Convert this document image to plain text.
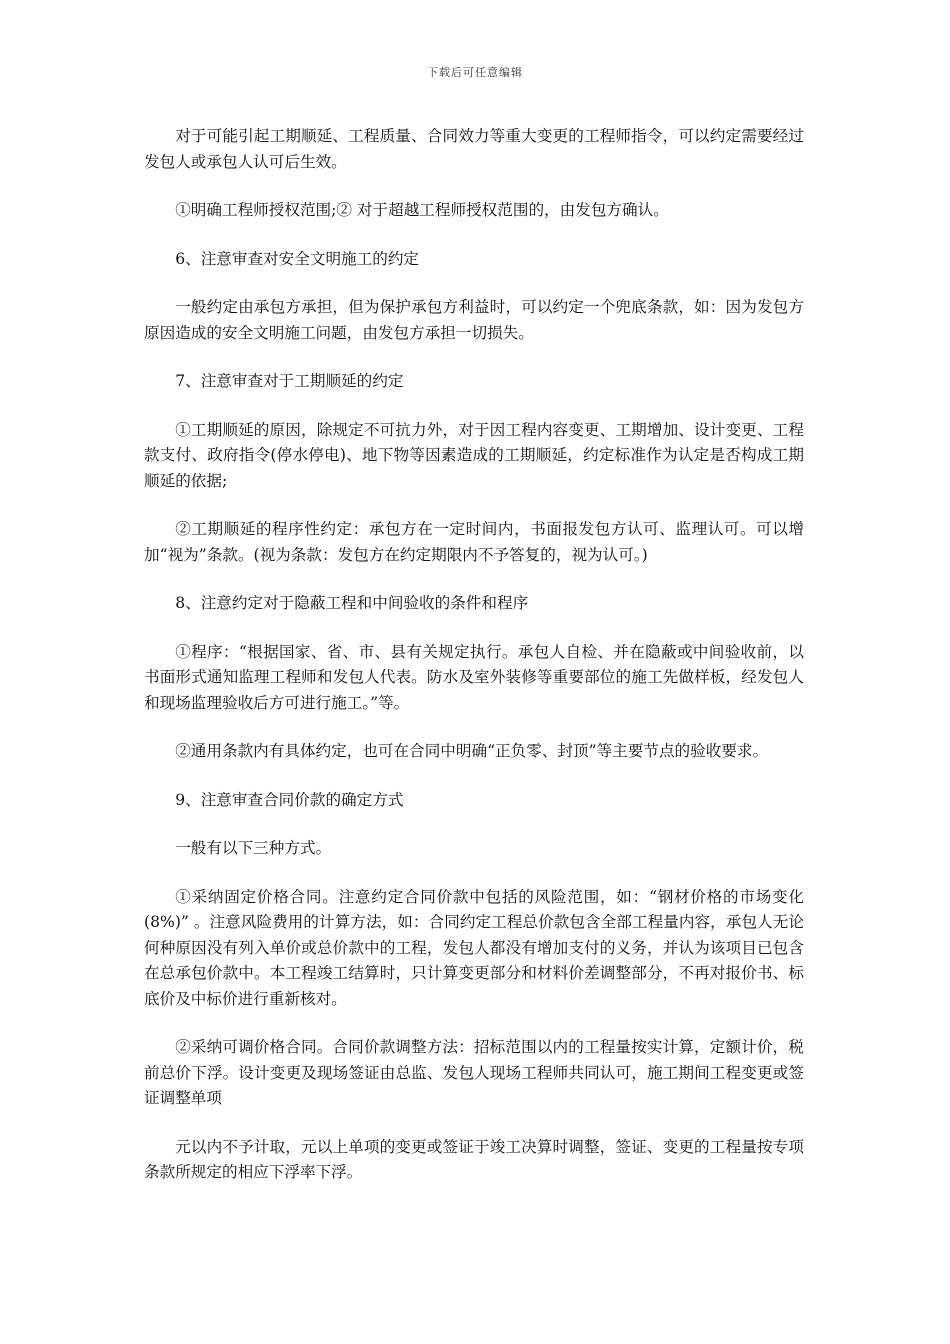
下载后可任意编辑

对于可能引起工期顺延、工程质量、合同效力等重大变更的工程师指令，可以约定需要经过发包人或承包人认可后生效。

①明确工程师授权范围;② 对于超越工程师授权范围的，由发包方确认。

6、注意审查对安全文明施工的约定

一般约定由承包方承担，但为保护承包方利益时，可以约定一个兜底条款，如：因为发包方原因造成的安全文明施工问题，由发包方承担一切损失。

7、注意审查对于工期顺延的约定

①工期顺延的原因，除规定不可抗力外，对于因工程内容变更、工期增加、设计变更、工程款支付、政府指令(停水停电)、地下物等因素造成的工期顺延，约定标准作为认定是否构成工期顺延的依据;

②工期顺延的程序性约定：承包方在一定时间内，书面报发包方认可、监理认可。可以增加“视为”条款。(视为条款：发包方在约定期限内不予答复的，视为认可。)

8、注意约定对于隐蔽工程和中间验收的条件和程序

①程序：“根据国家、省、市、县有关规定执行。承包人自检、并在隐蔽或中间验收前，以书面形式通知监理工程师和发包人代表。防水及室外装修等重要部位的施工先做样板，经发包人和现场监理验收后方可进行施工。”等。

②通用条款内有具体约定，也可在合同中明确“正负零、封顶”等主要节点的验收要求。

9、注意审查合同价款的确定方式

一般有以下三种方式。

①采纳固定价格合同。注意约定合同价款中包括的风险范围，如：“钢材价格的市场变化(8%)” 。注意风险费用的计算方法，如：合同约定工程总价款包含全部工程量内容，承包人无论何种原因没有列入单价或总价款中的工程，发包人都没有增加支付的义务，并认为该项目已包含在总承包价款中。本工程竣工结算时，只计算变更部分和材料价差调整部分，不再对报价书、标底价及中标价进行重新核对。

②采纳可调价格合同。合同价款调整方法：招标范围以内的工程量按实计算，定额计价，税前总价下浮。设计变更及现场签证由总监、发包人现场工程师共同认可，施工期间工程变更或签证调整单项

元以内不予计取，元以上单项的变更或签证于竣工决算时调整，签证、变更的工程量按专项条款所规定的相应下浮率下浮。
